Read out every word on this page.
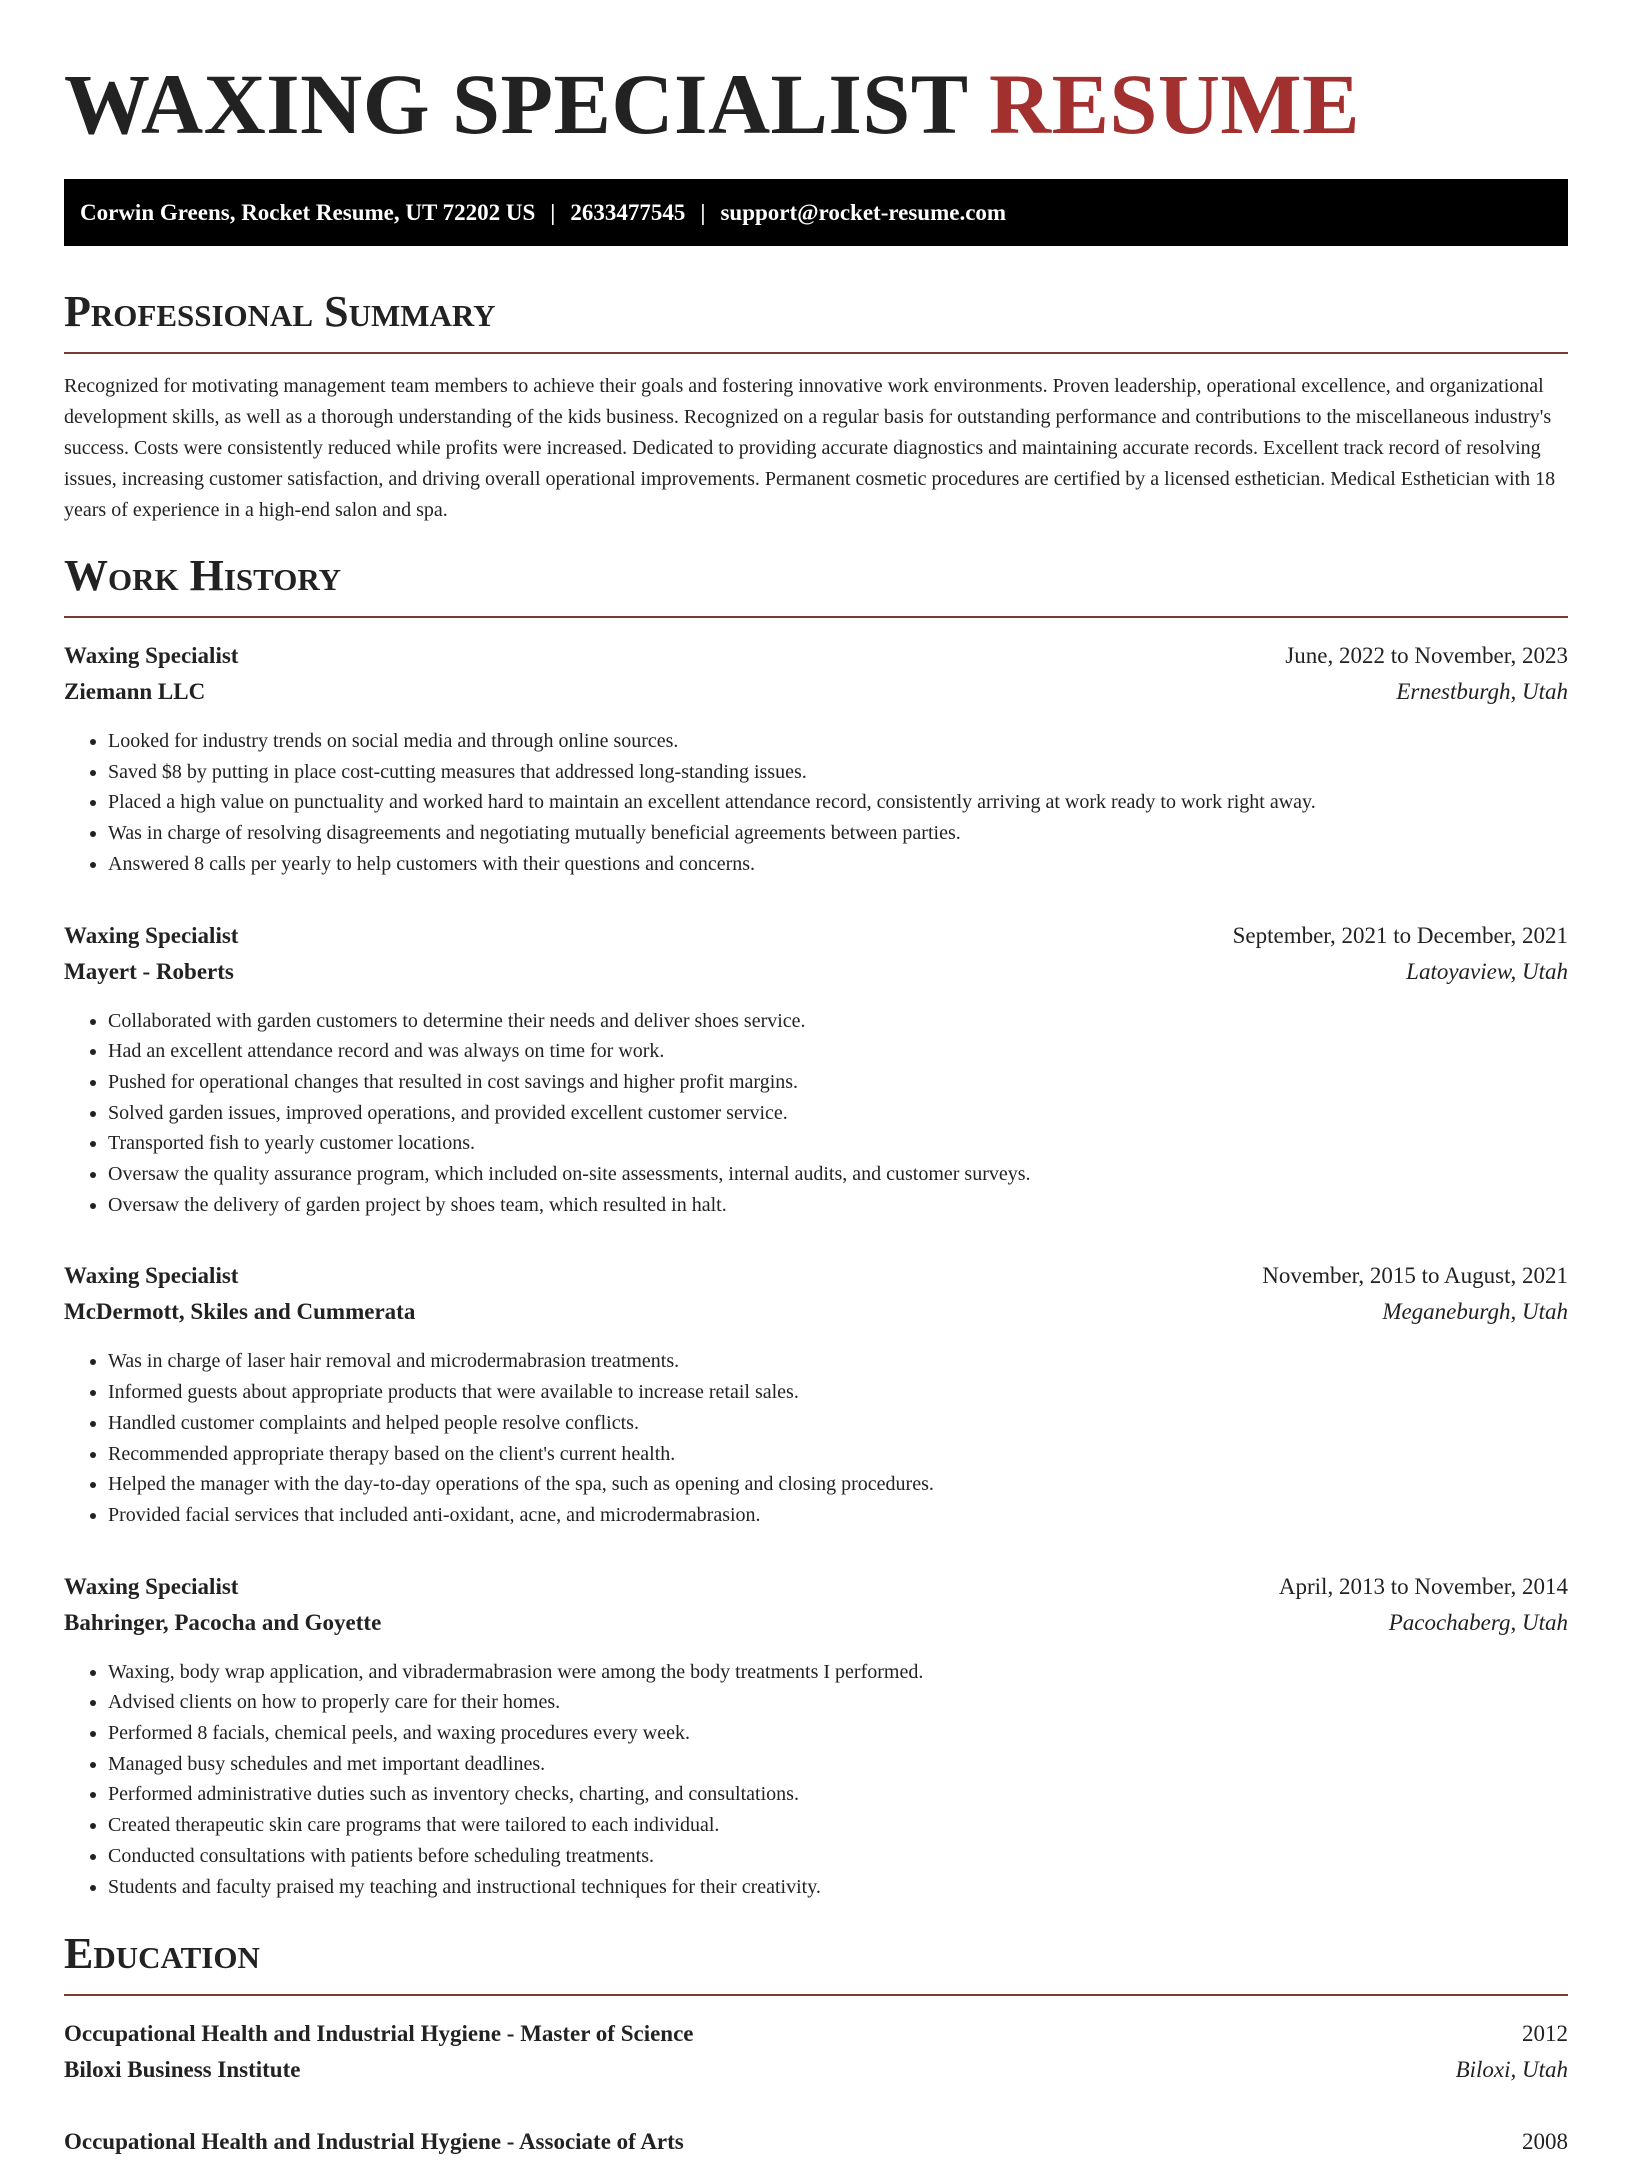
WAXING SPECIALIST RESUME
Corwin Greens, Rocket Resume, UT 72202 US | 2633477545 | support@rocket-resume.com
Professional Summary

Recognized for motivating management team members to achieve their goals and fostering innovative work environments. Proven leadership, operational excellence, and organizational development skills, as well as a thorough understanding of the kids business. Recognized on a regular basis for outstanding performance and contributions to the miscellaneous industry's success. Costs were consistently reduced while profits were increased. Dedicated to providing accurate diagnostics and maintaining accurate records. Excellent track record of resolving issues, increasing customer satisfaction, and driving overall operational improvements. Permanent cosmetic procedures are certified by a licensed esthetician. Medical Esthetician with 18 years of experience in a high-end salon and spa.

Work History
Waxing Specialist	June, 2022 to November, 2023
Ziemann LLC	Ernestburgh, Utah
• Looked for industry trends on social media and through online sources.
• Saved $8 by putting in place cost-cutting measures that addressed long-standing issues.
• Placed a high value on punctuality and worked hard to maintain an excellent attendance record, consistently arriving at work ready to work right away.
• Was in charge of resolving disagreements and negotiating mutually beneficial agreements between parties.
• Answered 8 calls per yearly to help customers with their questions and concerns.
Waxing Specialist	September, 2021 to December, 2021
Mayert - Roberts	Latoyaview, Utah
• Collaborated with garden customers to determine their needs and deliver shoes service.
• Had an excellent attendance record and was always on time for work.
• Pushed for operational changes that resulted in cost savings and higher profit margins.
• Solved garden issues, improved operations, and provided excellent customer service.
• Transported fish to yearly customer locations.
• Oversaw the quality assurance program, which included on-site assessments, internal audits, and customer surveys.
• Oversaw the delivery of garden project by shoes team, which resulted in halt.
Waxing Specialist	November, 2015 to August, 2021
McDermott, Skiles and Cummerata	Meganeburgh, Utah
• Was in charge of laser hair removal and microdermabrasion treatments.
• Informed guests about appropriate products that were available to increase retail sales.
• Handled customer complaints and helped people resolve conflicts.
• Recommended appropriate therapy based on the client's current health.
• Helped the manager with the day-to-day operations of the spa, such as opening and closing procedures.
• Provided facial services that included anti-oxidant, acne, and microdermabrasion.
Waxing Specialist	April, 2013 to November, 2014
Bahringer, Pacocha and Goyette	Pacochaberg, Utah
• Waxing, body wrap application, and vibradermabrasion were among the body treatments I performed.
• Advised clients on how to properly care for their homes.
• Performed 8 facials, chemical peels, and waxing procedures every week.
• Managed busy schedules and met important deadlines.
• Performed administrative duties such as inventory checks, charting, and consultations.
• Created therapeutic skin care programs that were tailored to each individual.
• Conducted consultations with patients before scheduling treatments.
• Students and faculty praised my teaching and instructional techniques for their creativity.
Education
Occupational Health and Industrial Hygiene - Master of Science	2012
Biloxi Business Institute	Biloxi, Utah
Occupational Health and Industrial Hygiene - Associate of Arts	2008
